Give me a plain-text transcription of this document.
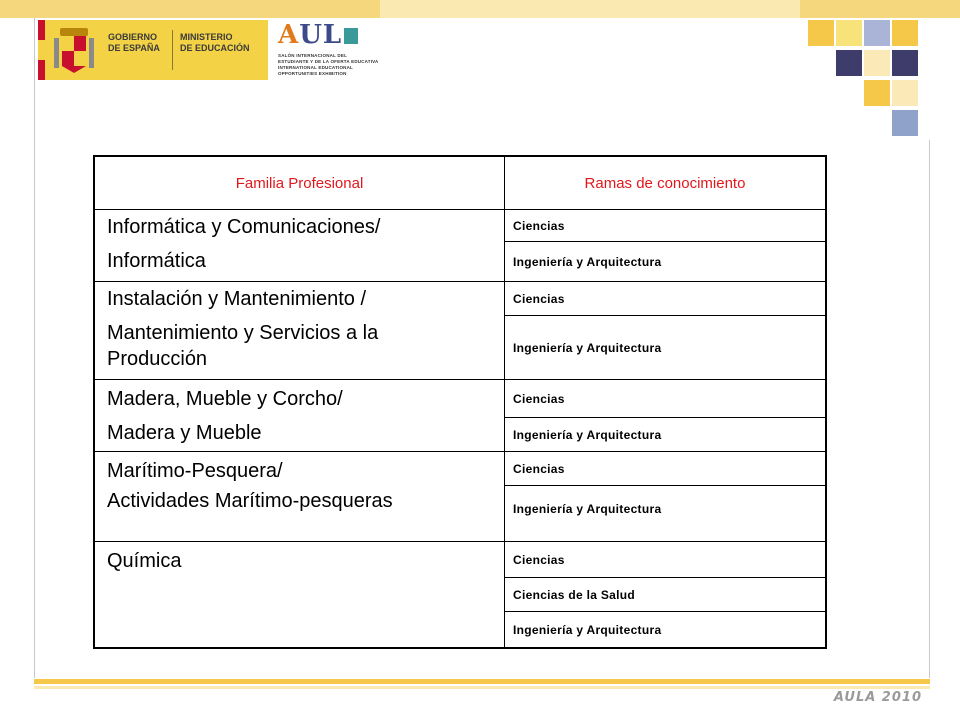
GOBIERNO
DE ESPAÑA
MINISTERIO
DE EDUCACIÓN AUL
SALÓN INTERNACIONAL DEL
ESTUDIANTE Y DE LA OFERTA EDUCATIVA
INTERNATIONAL EDUCATIONAL
OPPORTUNITIES EXHIBITION
Familia Profesional	Ramas de conocimiento
Informática y Comunicaciones/
Informática
Instalación y Mantenimiento /
Mantenimiento y Servicios a la
Producción
Madera, Mueble y Corcho/
Madera y Mueble
Marítimo-Pesquera/
Actividades Marítimo-pesqueras
Química
Ciencias
Ingeniería y Arquitectura
Ciencias
Ingeniería y Arquitectura
Ciencias
Ingeniería y Arquitectura
Ciencias
Ingeniería y Arquitectura
Ciencias
Ciencias de la Salud
Ingeniería y Arquitectura
AULA 2010
